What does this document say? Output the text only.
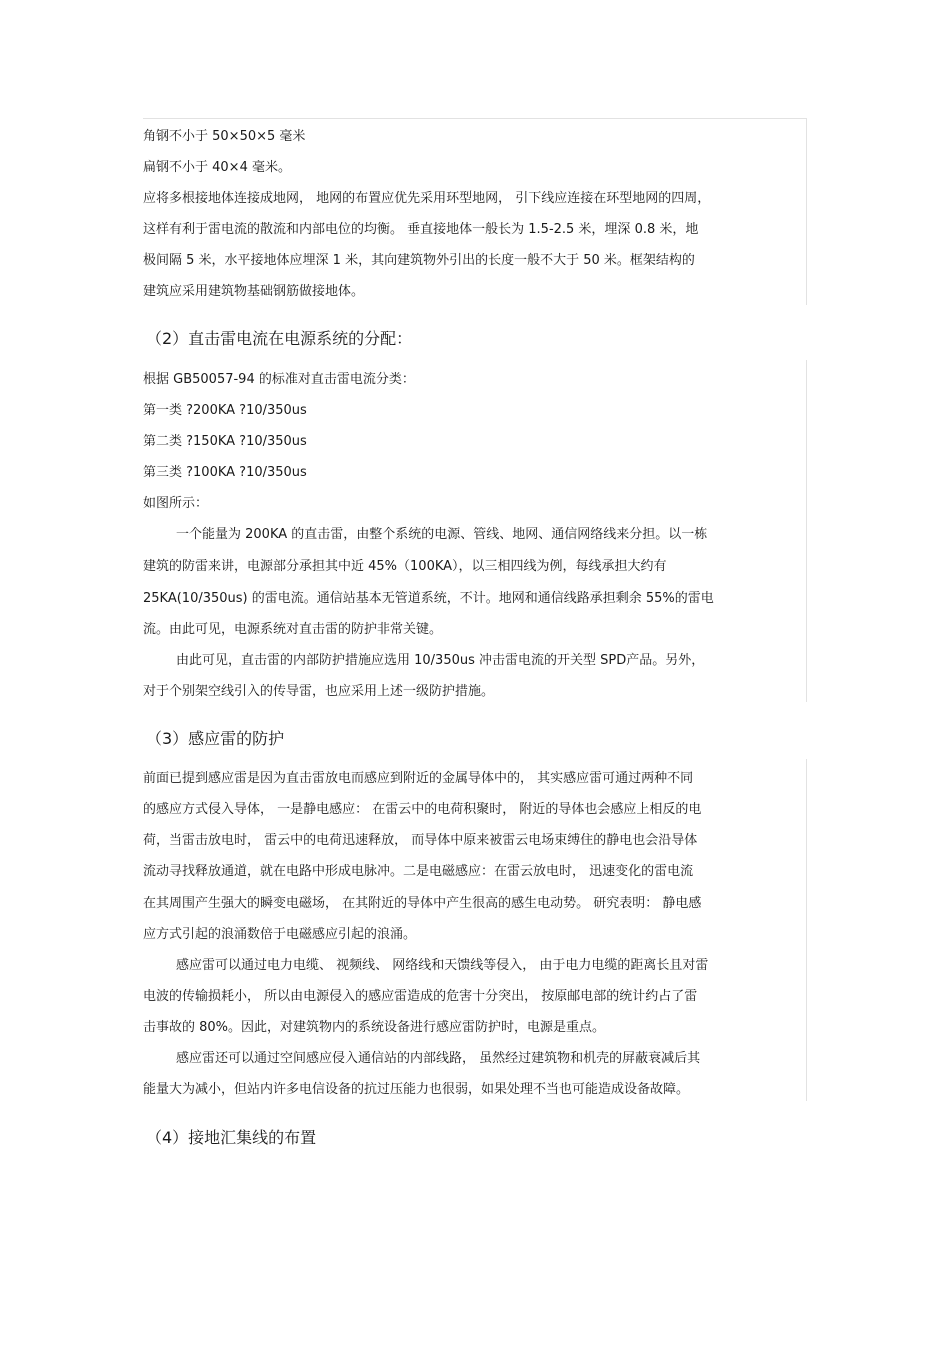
角钢不小于 50×50×5 毫米
扁钢不小于 40×4 毫米。
应将多根接地体连接成地网， 地网的布置应优先采用环型地网， 引下线应连接在环型地网的四周，
这样有利于雷电流的散流和内部电位的均衡。 垂直接地体一般长为 1.5-2.5 米，埋深 0.8 米，地
极间隔 5 米，水平接地体应埋深 1 米，其向建筑物外引出的长度一般不大于 50 米。框架结构的
建筑应采用建筑物基础钢筋做接地体。
（2）直击雷电流在电源系统的分配：
根据 GB50057-94 的标准对直击雷电流分类：
第一类 ?200KA ?10/350us
第二类 ?150KA ?10/350us
第三类 ?100KA ?10/350us
如图所示：
一个能量为 200KA 的直击雷，由整个系统的电源、管线、地网、通信网络线来分担。以一栋
建筑的防雷来讲，电源部分承担其中近 45%（100KA），以三相四线为例，每线承担大约有
25KA(10/350us) 的雷电流。通信站基本无管道系统，不计。地网和通信线路承担剩余 55%的雷电
流。由此可见，电源系统对直击雷的防护非常关键。
由此可见，直击雷的内部防护措施应选用 10/350us 冲击雷电流的开关型 SPD产品。另外，
对于个别架空线引入的传导雷，也应采用上述一级防护措施。
（3）感应雷的防护
前面已提到感应雷是因为直击雷放电而感应到附近的金属导体中的， 其实感应雷可通过两种不同
的感应方式侵入导体， 一是静电感应： 在雷云中的电荷积聚时， 附近的导体也会感应上相反的电
荷，当雷击放电时， 雷云中的电荷迅速释放， 而导体中原来被雷云电场束缚住的静电也会沿导体
流动寻找释放通道，就在电路中形成电脉冲。二是电磁感应：在雷云放电时， 迅速变化的雷电流
在其周围产生强大的瞬变电磁场， 在其附近的导体中产生很高的感生电动势。 研究表明： 静电感
应方式引起的浪涌数倍于电磁感应引起的浪涌。
感应雷可以通过电力电缆、 视频线、 网络线和天馈线等侵入， 由于电力电缆的距离长且对雷
电波的传输损耗小， 所以由电源侵入的感应雷造成的危害十分突出， 按原邮电部的统计约占了雷
击事故的 80%。因此，对建筑物内的系统设备进行感应雷防护时，电源是重点。
感应雷还可以通过空间感应侵入通信站的内部线路， 虽然经过建筑物和机壳的屏蔽衰减后其
能量大为减小，但站内许多电信设备的抗过压能力也很弱，如果处理不当也可能造成设备故障。
（4）接地汇集线的布置
